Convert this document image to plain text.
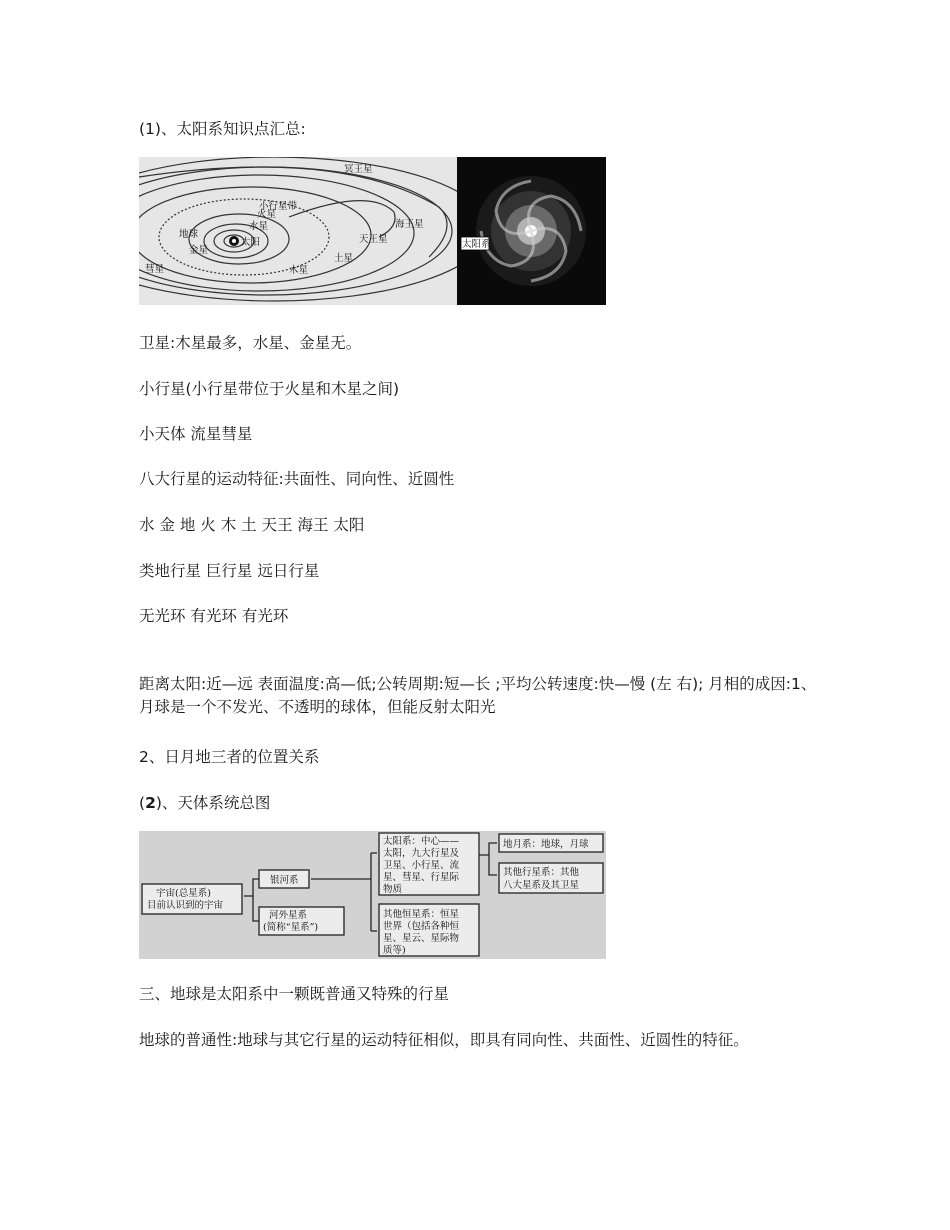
(1)、太阳系知识点汇总:
冥王星
太阳
水星
金星
地球
火星
小行星带
木星
土星
天王星
海王星
彗星
太阳系
卫星:木星最多，水星、金星无。
小行星(小行星带位于火星和木星之间)
小天体 流星彗星
八大行星的运动特征:共面性、同向性、近圆性
水 金 地 火 木 土 天王 海王 太阳
类地行星 巨行星 远日行星
无光环 有光环 有光环
距离太阳:近—远 表面温度:高—低;公转周期:短—长 ;平均公转速度:快—慢 (左 右); 月相的成因:1、月球是一个不发光、不透明的球体，但能反射太阳光
2、日月地三者的位置关系
(2)、天体系统总图
宇宙(总星系)
目前认识到的宇宙
银河系
河外星系
(简称“星系”)
太阳系：中心——
太阳，九大行星及
卫星、小行星、流
星、彗星、行星际
物质
其他恒星系：恒星
世界（包括各种恒
星、星云、星际物
质等)
地月系：地球，月球
其他行星系：其他
八大星系及其卫星
三、地球是太阳系中一颗既普通又特殊的行星
地球的普通性:地球与其它行星的运动特征相似，即具有同向性、共面性、近圆性的特征。
